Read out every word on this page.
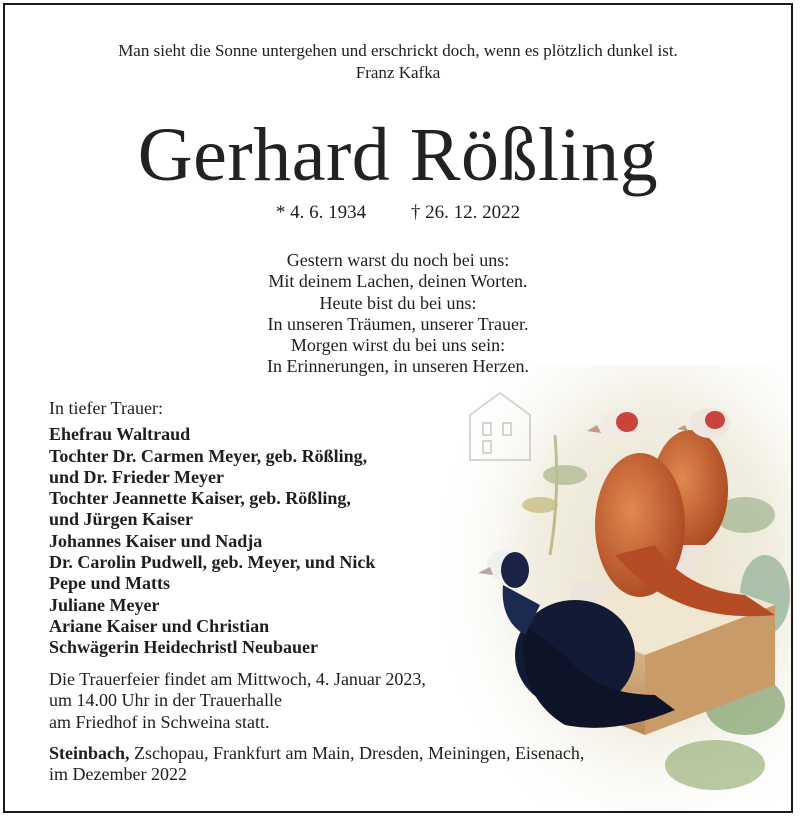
Man sieht die Sonne untergehen und erschrickt doch, wenn es plötzlich dunkel ist.
Franz Kafka
Gerhard Rößling
* 4. 6. 1934 † 26. 12. 2022
Gestern warst du noch bei uns:
Mit deinem Lachen, deinen Worten.
Heute bist du bei uns:
In unseren Träumen, unserer Trauer.
Morgen wirst du bei uns sein:
In Erinnerungen, in unseren Herzen.
In tiefer Trauer:
Ehefrau Waltraud
Tochter Dr. Carmen Meyer, geb. Rößling,
und Dr. Frieder Meyer
Tochter Jeannette Kaiser, geb. Rößling,
und Jürgen Kaiser
Johannes Kaiser und Nadja
Dr. Carolin Pudwell, geb. Meyer, und Nick
Pepe und Matts
Juliane Meyer
Ariane Kaiser und Christian
Schwägerin Heidechristl Neubauer
Die Trauerfeier findet am Mittwoch, 4. Januar 2023,
um 14.00 Uhr in der Trauerhalle
am Friedhof in Schweina statt.
Steinbach, Zschopau, Frankfurt am Main, Dresden, Meiningen, Eisenach,
im Dezember 2022
